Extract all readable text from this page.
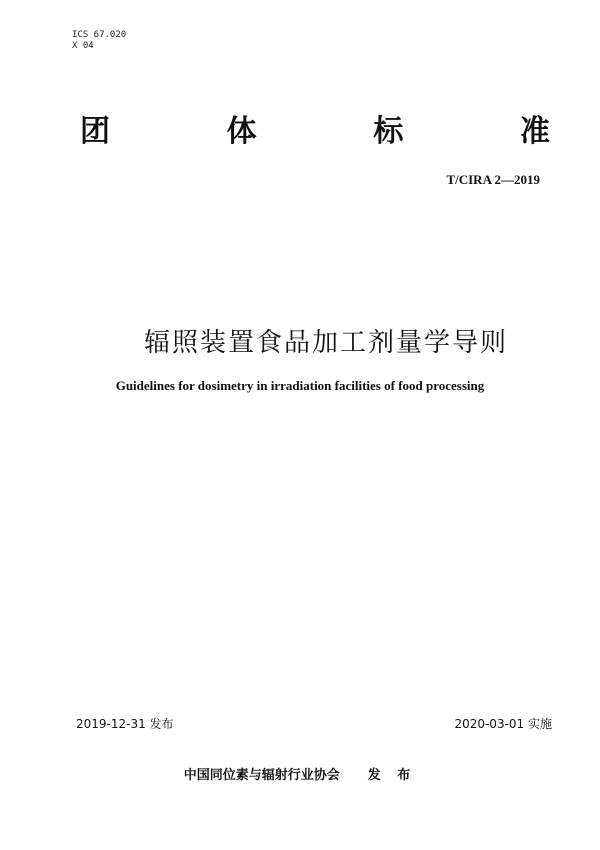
ICS 67.020
X 04
团	体	标	准
T/CIRA 2—2019
辐照装置食品加工剂量学导则
Guidelines for dosimetry in irradiation facilities of food processing
2019-12-31 发布	2020-03-01 实施
中国同位素与辐射行业协会 发 布
